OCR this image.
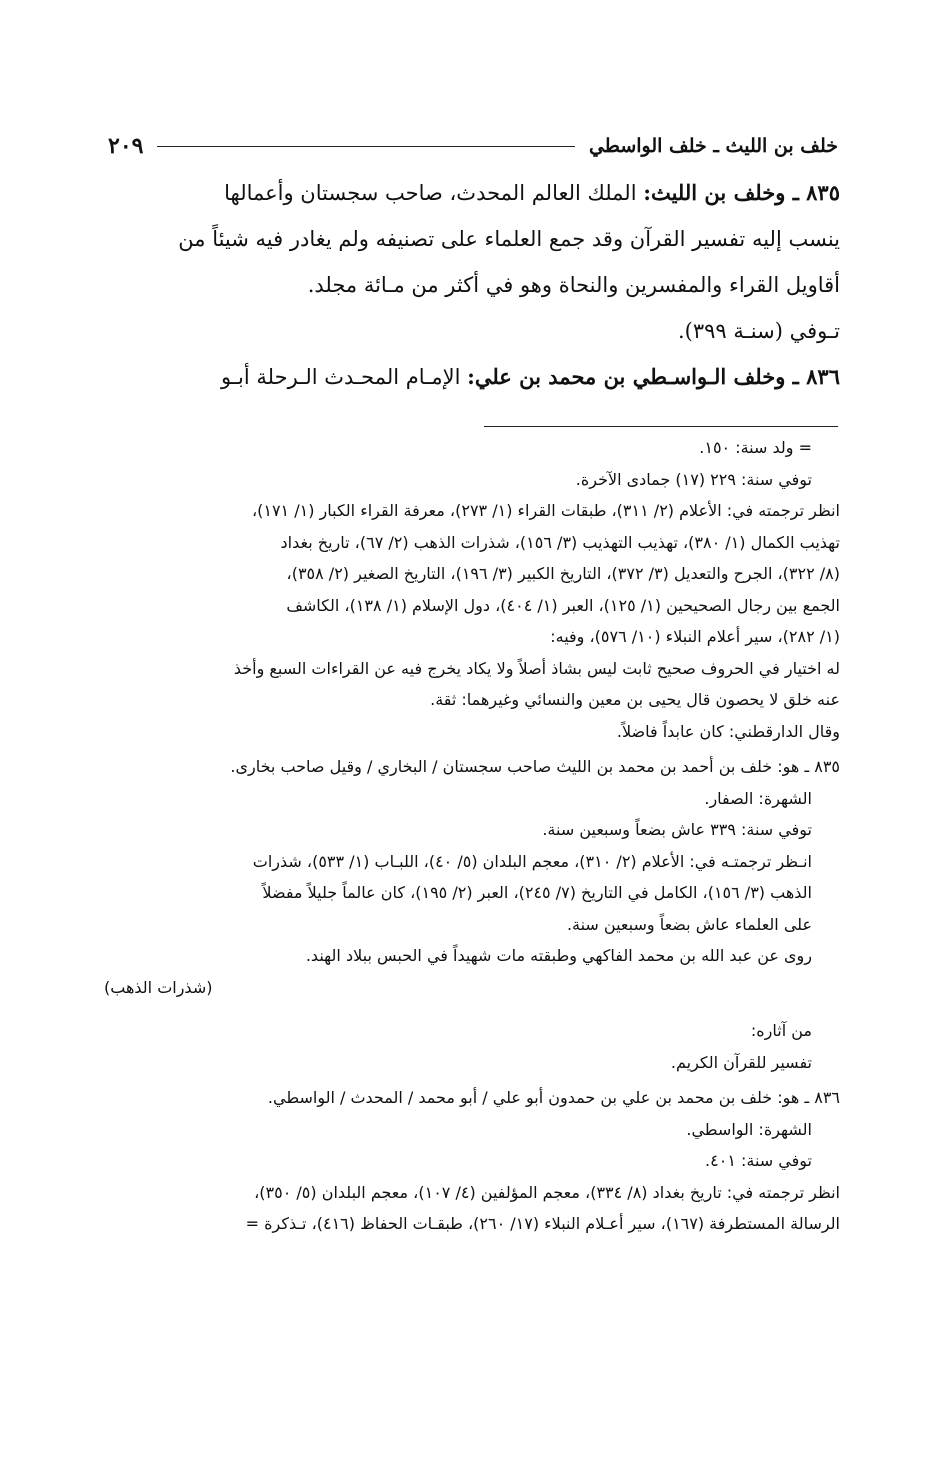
خلف بن الليث ـ خلف الواسطي
٢٠٩

٨٣٥ ـ وخلف بن الليث: الملك العالم المحدث، صاحب سجستان وأعمالها

ينسب إليه تفسير القرآن وقد جمع العلماء على تصنيفه ولم يغادر فيه شيئاً من

أقاويل القراء والمفسرين والنحاة وهو في أكثر من مـائة مجلد.

تـوفي (سنـة ٣٩٩).

٨٣٦ ـ وخلف الـواسـطي بن محمد بن علي: الإمـام المحـدث الـرحلة أبـو

= ولد سنة: ١٥٠.

توفي سنة: ٢٢٩ (١٧) جمادى الآخرة.

انظر ترجمته في: الأعلام (٢/ ٣١١)، طبقات القراء (١/ ٢٧٣)، معرفة القراء الكبار (١/ ١٧١)،

تهذيب الكمال (١/ ٣٨٠)، تهذيب التهذيب (٣/ ١٥٦)، شذرات الذهب (٢/ ٦٧)، تاريخ بغداد

(٨/ ٣٢٢)، الجرح والتعديل (٣/ ٣٧٢)، التاريخ الكبير (٣/ ١٩٦)، التاريخ الصغير (٢/ ٣٥٨)،

الجمع بين رجال الصحيحين (١/ ١٢٥)، العبر (١/ ٤٠٤)، دول الإسلام (١/ ١٣٨)، الكاشف

(١/ ٢٨٢)، سير أعلام النبلاء (١٠/ ٥٧٦)، وفيه:

له اختيار في الحروف صحيح ثابت ليس بشاذ أصلاً ولا يكاد يخرج فيه عن القراءات السبع وأخذ

عنه خلق لا يحصون قال يحيى بن معين والنسائي وغيرهما: ثقة.

وقال الدارقطني: كان عابداً فاضلاً.

٨٣٥ ـ هو: خلف بن أحمد بن محمد بن الليث صاحب سجستان / البخاري / وقيل صاحب بخارى.

الشهرة: الصفار.

توفي سنة: ٣٣٩ عاش بضعاً وسبعين سنة.

انـظر ترجمتـه في: الأعلام (٢/ ٣١٠)، معجم البلدان (٥/ ٤٠)، اللبـاب (١/ ٥٣٣)، شذرات

الذهب (٣/ ١٥٦)، الكامل في التاريخ (٧/ ٢٤٥)، العبر (٢/ ١٩٥)، كان عالماً جليلاً مفضلاً

على العلماء عاش بضعاً وسبعين سنة.

روى عن عبد الله بن محمد الفاكهي وطبقته مات شهيداً في الحبس ببلاد الهند.

(شذرات الذهب)

من آثاره:

تفسير للقرآن الكريم.

٨٣٦ ـ هو: خلف بن محمد بن علي بن حمدون أبو علي / أبو محمد / المحدث / الواسطي.

الشهرة: الواسطي.

توفي سنة: ٤٠١.

انظر ترجمته في: تاريخ بغداد (٨/ ٣٣٤)، معجم المؤلفين (٤/ ١٠٧)، معجم البلدان (٥/ ٣٥٠)،

الرسالة المستطرفة (١٦٧)، سير أعـلام النبلاء (١٧/ ٢٦٠)، طبقـات الحفاظ (٤١٦)، تـذكرة =
